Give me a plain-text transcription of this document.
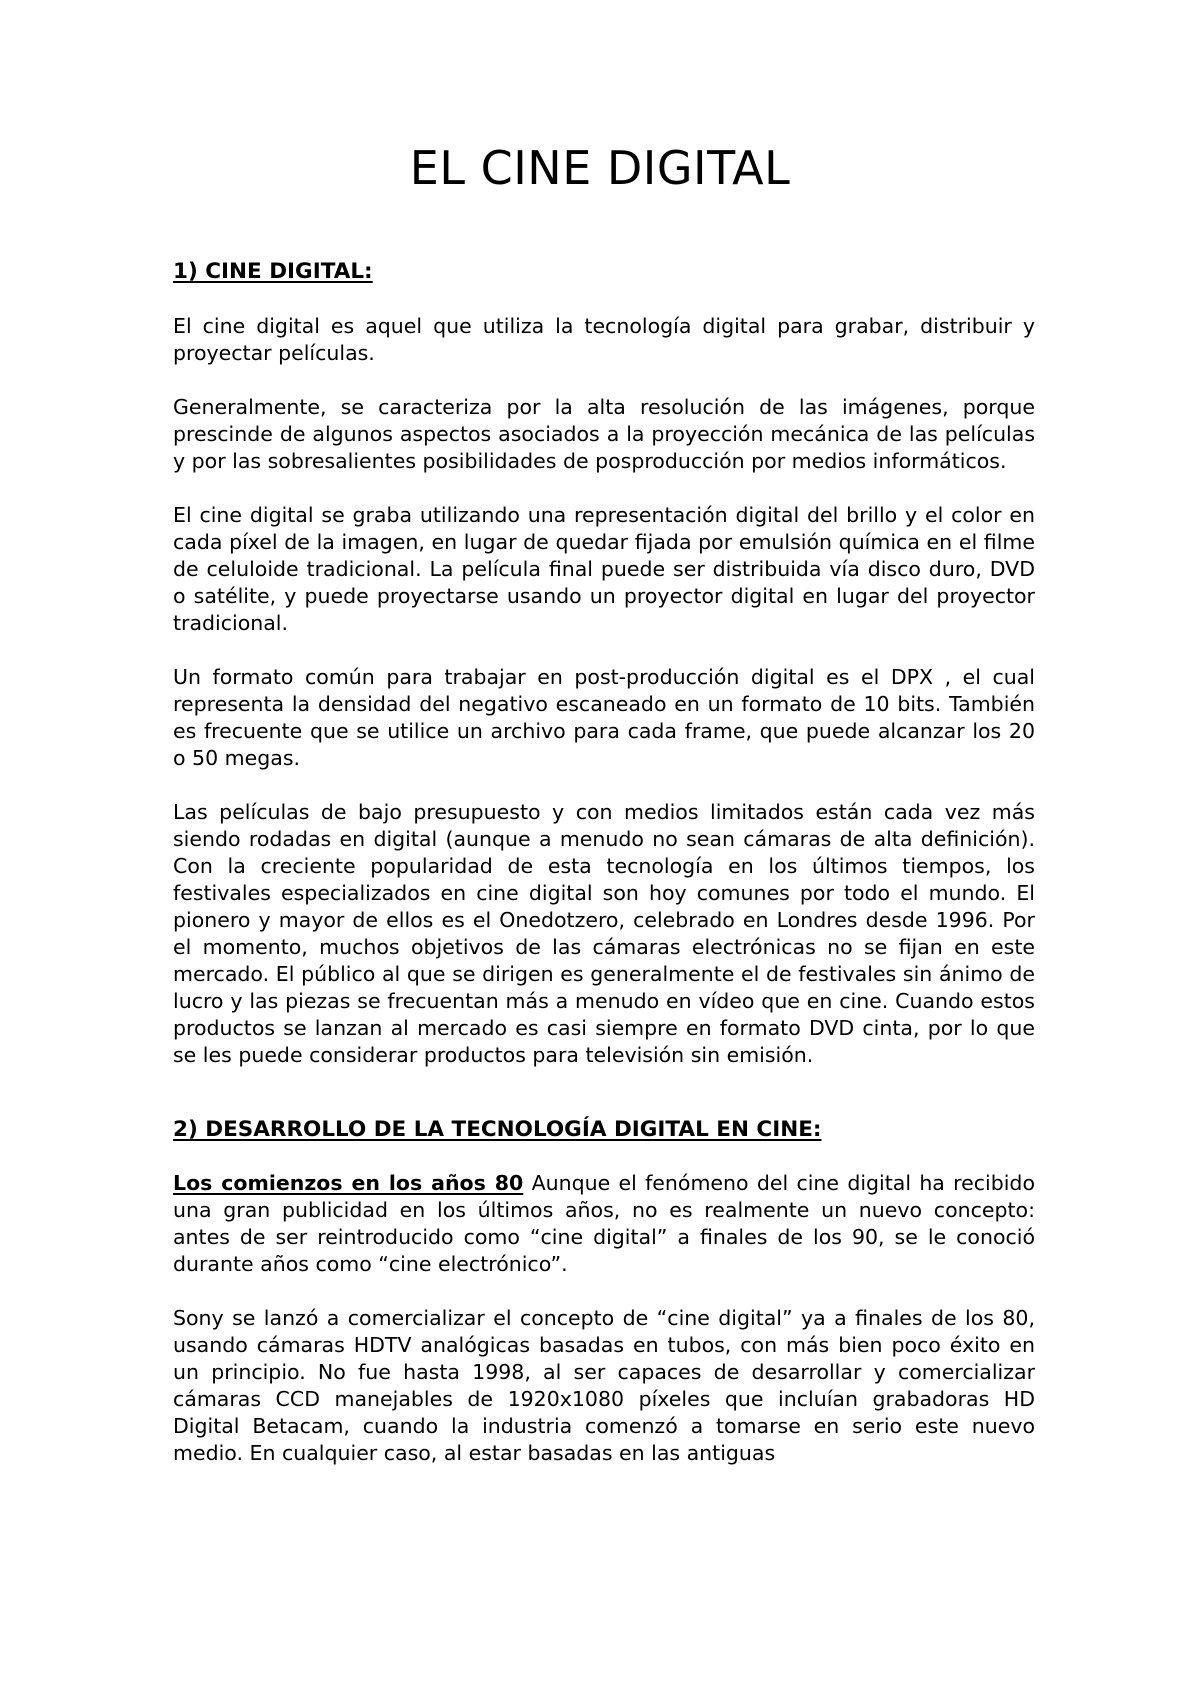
EL CINE DIGITAL
1) CINE DIGITAL:

El cine digital es aquel que utiliza la tecnología digital para grabar, distribuir y proyectar películas.

Generalmente, se caracteriza por la alta resolución de las imágenes, porque prescinde de algunos aspectos asociados a la proyección mecánica de las películas y por las sobresalientes posibilidades de posproducción por medios informáticos.

El cine digital se graba utilizando una representación digital del brillo y el color en cada píxel de la imagen, en lugar de quedar fijada por emulsión química en el filme de celuloide tradicional. La película final puede ser distribuida vía disco duro, DVD o satélite, y puede proyectarse usando un proyector digital en lugar del proyector tradicional.

Un formato común para trabajar en post-producción digital es el DPX , el cual representa la densidad del negativo escaneado en un formato de 10 bits. También es frecuente que se utilice un archivo para cada frame, que puede alcanzar los 20 o 50 megas.

Las películas de bajo presupuesto y con medios limitados están cada vez más siendo rodadas en digital (aunque a menudo no sean cámaras de alta definición). Con la creciente popularidad de esta tecnología en los últimos tiempos, los festivales especializados en cine digital son hoy comunes por todo el mundo. El pionero y mayor de ellos es el Onedotzero, celebrado en Londres desde 1996. Por el momento, muchos objetivos de las cámaras electrónicas no se fijan en este mercado. El público al que se dirigen es generalmente el de festivales sin ánimo de lucro y las piezas se frecuentan más a menudo en vídeo que en cine. Cuando estos productos se lanzan al mercado es casi siempre en formato DVD cinta, por lo que se les puede considerar productos para televisión sin emisión.

2) DESARROLLO DE LA TECNOLOGÍA DIGITAL EN CINE:

Los comienzos en los años 80 Aunque el fenómeno del cine digital ha recibido una gran publicidad en los últimos años, no es realmente un nuevo concepto: antes de ser reintroducido como “cine digital” a finales de los 90, se le conoció durante años como “cine electrónico”.

Sony se lanzó a comercializar el concepto de “cine digital” ya a finales de los 80, usando cámaras HDTV analógicas basadas en tubos, con más bien poco éxito en un principio. No fue hasta 1998, al ser capaces de desarrollar y comercializar cámaras CCD manejables de 1920x1080 píxeles que incluían grabadoras HD Digital Betacam, cuando la industria comenzó a tomarse en serio este nuevo medio. En cualquier caso, al estar basadas en las antiguas
